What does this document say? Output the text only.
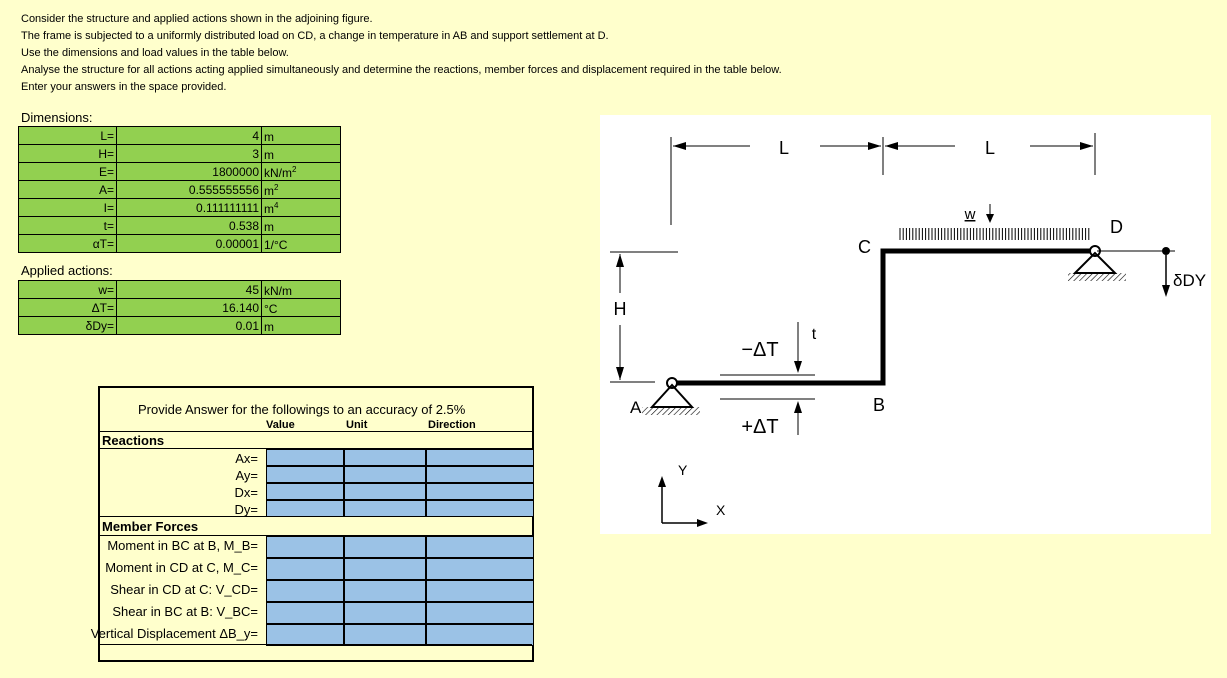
Consider the structure and applied actions shown in the adjoining figure.
The frame is subjected to a uniformly distributed load on CD, a change in temperature in AB and support settlement at D.
Use the dimensions and load values in the table below.
Analyse the structure for all actions acting applied simultaneously and determine the reactions, member forces and displacement required in the table below.
Enter your answers in the space provided.
Dimensions:
L=	4	m
H=	3	m
E=	1800000	$kN/m^2$
A=	0.555555556	$m^2$
I=	0.111111111	$m^4$
t=	0.538	m
αT=	0.00001	1/°C
Applied actions:
w=	45	kN/m
ΔT=	16.140	°C
δDy=	0.01	m
Provide Answer for the followings to an accuracy of 2.5%
Value	Unit	Direction
Reactions
Ax=
Ay=
Dx=
Dy=
Member Forces
Moment in BC at B, M_B=
Moment in CD at C, M_C=
Shear in CD at C: V_CD=
Shear in BC at B: V_BC=
Vertical Displacement ΔB_y=
L	L
H
A
D
B
C
w
δDY
−ΔT
+ΔT
t
Y
X
